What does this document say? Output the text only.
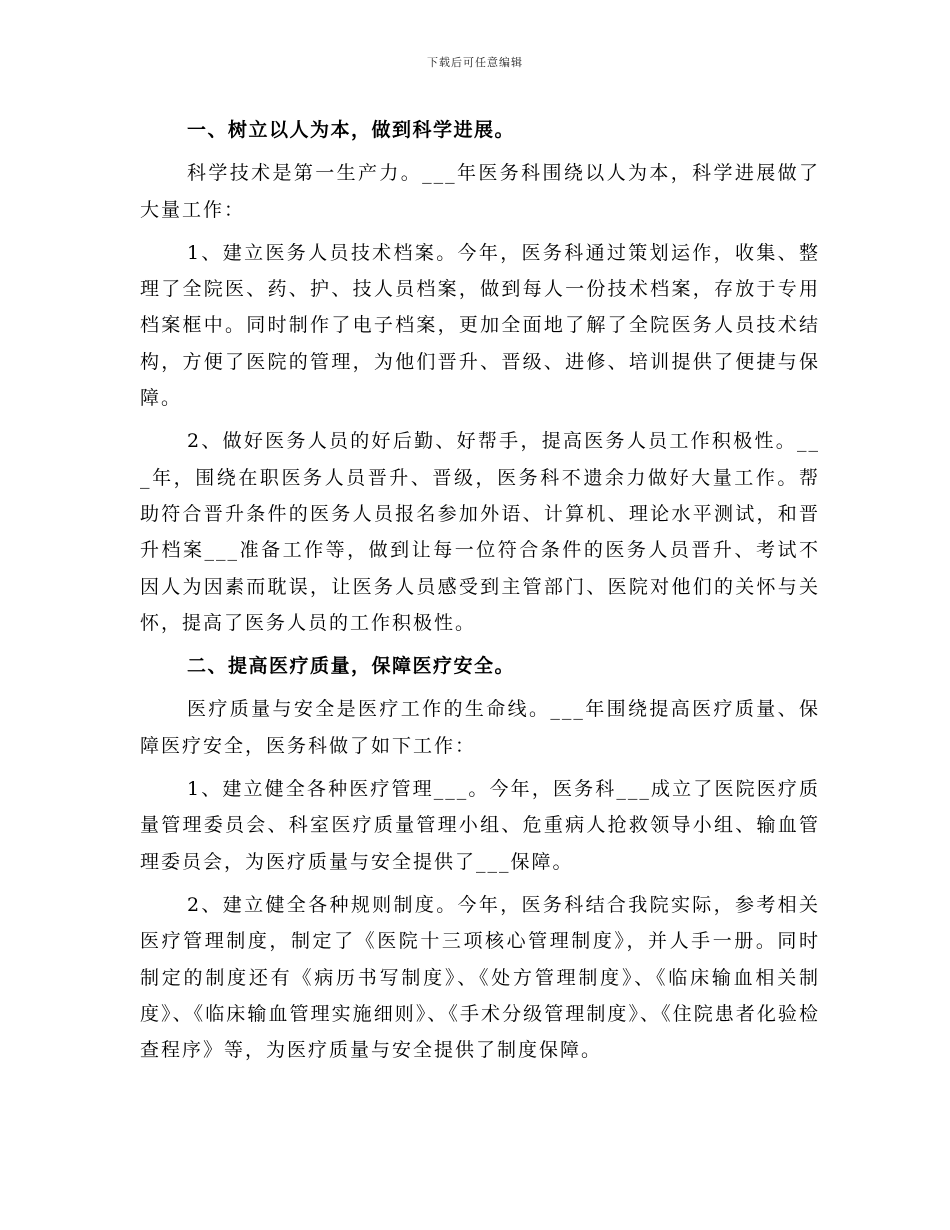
下载后可任意编辑

一、树立以人为本，做到科学进展。

科学技术是第一生产力。___年医务科围绕以人为本，科学进展做了大量工作：

1、建立医务人员技术档案。今年，医务科通过策划运作，收集、整理了全院医、药、护、技人员档案，做到每人一份技术档案，存放于专用档案框中。同时制作了电子档案，更加全面地了解了全院医务人员技术结构，方便了医院的管理，为他们晋升、晋级、进修、培训提供了便捷与保障。

2、做好医务人员的好后勤、好帮手，提高医务人员工作积极性。___年，围绕在职医务人员晋升、晋级，医务科不遗余力做好大量工作。帮助符合晋升条件的医务人员报名参加外语、计算机、理论水平测试，和晋升档案___准备工作等，做到让每一位符合条件的医务人员晋升、考试不因人为因素而耽误，让医务人员感受到主管部门、医院对他们的关怀与关怀，提高了医务人员的工作积极性。

二、提高医疗质量，保障医疗安全。

医疗质量与安全是医疗工作的生命线。___年围绕提高医疗质量、保障医疗安全，医务科做了如下工作：

1、建立健全各种医疗管理___。今年，医务科___成立了医院医疗质量管理委员会、科室医疗质量管理小组、危重病人抢救领导小组、输血管理委员会，为医疗质量与安全提供了___保障。

2、建立健全各种规则制度。今年，医务科结合我院实际，参考相关医疗管理制度，制定了《医院十三项核心管理制度》，并人手一册。同时制定的制度还有《病历书写制度》、《处方管理制度》、《临床输血相关制度》、《临床输血管理实施细则》、《手术分级管理制度》、《住院患者化验检查程序》等，为医疗质量与安全提供了制度保障。
